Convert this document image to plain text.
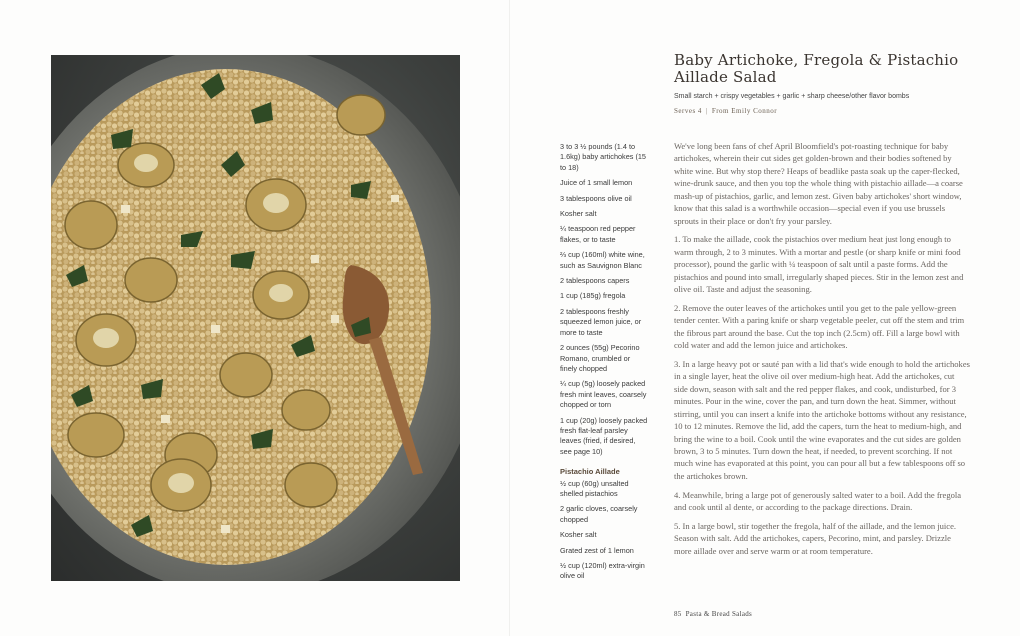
Baby Artichoke, Fregola & Pistachio Aillade Salad
Small starch + crispy vegetables + garlic + sharp cheese/other flavor bombs
Serves 4 | From Emily Connor
3 to 3 ½ pounds (1.4 to 1.6kg) baby artichokes (15 to 18)
Juice of 1 small lemon
3 tablespoons olive oil
Kosher salt
¼ teaspoon red pepper flakes, or to taste
⅔ cup (160ml) white wine, such as Sauvignon Blanc
2 tablespoons capers
1 cup (185g) fregola
2 tablespoons freshly squeezed lemon juice, or more to taste
2 ounces (55g) Pecorino Romano, crumbled or finely chopped
¼ cup (5g) loosely packed fresh mint leaves, coarsely chopped or torn
1 cup (20g) loosely packed fresh flat-leaf parsley leaves (fried, if desired, see page 10)
Pistachio Aillade
½ cup (60g) unsalted shelled pistachios
2 garlic cloves, coarsely chopped
Kosher salt
Grated zest of 1 lemon
½ cup (120ml) extra-virgin olive oil

We've long been fans of chef April Bloomfield's pot-roasting technique for baby artichokes, wherein their cut sides get golden-brown and their bodies softened by white wine. But why stop there? Heaps of beadlike pasta soak up the caper-flecked, wine-drunk sauce, and then you top the whole thing with pistachio aillade—a coarse mash-up of pistachios, garlic, and lemon zest. Given baby artichokes' short window, know that this salad is a worthwhile occasion—special even if you use brussels sprouts in their place or don't fry your parsley.

1. To make the aillade, cook the pistachios over medium heat just long enough to warm through, 2 to 3 minutes. With a mortar and pestle (or sharp knife or mini food processor), pound the garlic with ¼ teaspoon of salt until a paste forms. Add the pistachios and pound into small, irregularly shaped pieces. Stir in the lemon zest and olive oil. Taste and adjust the seasoning.

2. Remove the outer leaves of the artichokes until you get to the pale yellow-green tender center. With a paring knife or sharp vegetable peeler, cut off the stem and trim the fibrous part around the base. Cut the top inch (2.5cm) off. Fill a large bowl with cold water and add the lemon juice and artichokes.

3. In a large heavy pot or sauté pan with a lid that's wide enough to hold the artichokes in a single layer, heat the olive oil over medium-high heat. Add the artichokes, cut side down, season with salt and the red pepper flakes, and cook, undisturbed, for 3 minutes. Pour in the wine, cover the pan, and turn down the heat. Simmer, without stirring, until you can insert a knife into the artichoke bottoms without any resistance, 10 to 12 minutes. Remove the lid, add the capers, turn the heat to medium-high, and bring the wine to a boil. Cook until the wine evaporates and the cut sides are golden brown, 3 to 5 minutes. Turn down the heat, if needed, to prevent scorching. If not much wine has evaporated at this point, you can pour all but a few tablespoons off so the artichokes brown.

4. Meanwhile, bring a large pot of generously salted water to a boil. Add the fregola and cook until al dente, or according to the package directions. Drain.

5. In a large bowl, stir together the fregola, half of the aillade, and the lemon juice. Season with salt. Add the artichokes, capers, Pecorino, mint, and parsley. Drizzle more aillade over and serve warm or at room temperature.

85 Pasta & Bread Salads
